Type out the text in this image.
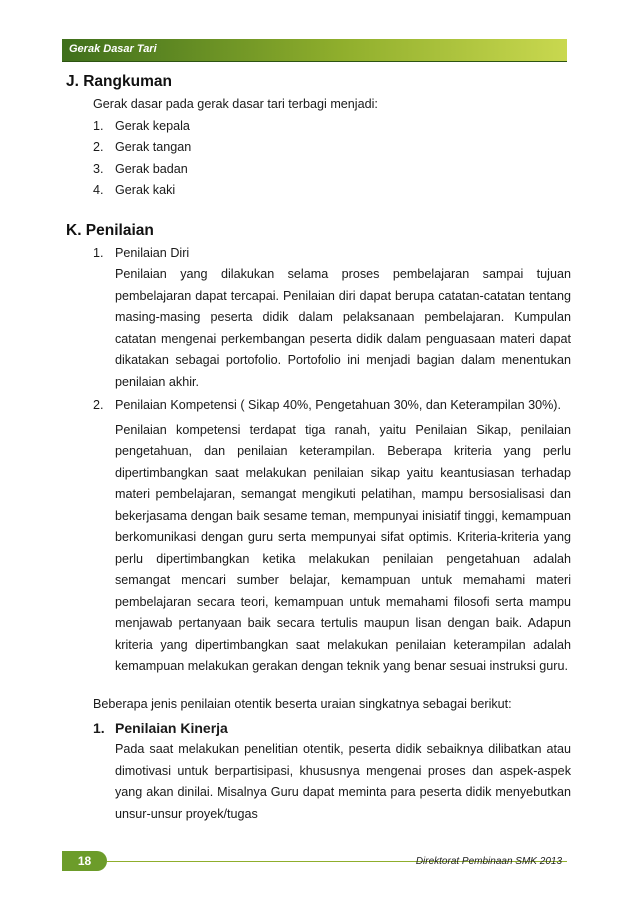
Gerak Dasar Tari
J. Rangkuman
Gerak dasar pada gerak dasar tari terbagi menjadi:
1. Gerak kepala
2. Gerak tangan
3. Gerak badan
4. Gerak kaki
K. Penilaian
1. Penilaian Diri
Penilaian yang dilakukan selama proses pembelajaran sampai tujuan pembelajaran dapat tercapai. Penilaian diri dapat berupa catatan-catatan tentang masing-masing peserta didik dalam pelaksanaan pembelajaran. Kumpulan catatan mengenai perkembangan peserta didik dalam penguasaan materi dapat dikatakan sebagai portofolio. Portofolio ini menjadi bagian dalam menentukan penilaian akhir.
2. Penilaian Kompetensi ( Sikap 40%, Pengetahuan 30%, dan Keterampilan 30%).
Penilaian kompetensi terdapat tiga ranah, yaitu Penilaian Sikap, penilaian pengetahuan, dan penilaian keterampilan. Beberapa kriteria yang perlu dipertimbangkan saat melakukan penilaian sikap yaitu keantusiasan terhadap materi pembelajaran, semangat mengikuti pelatihan, mampu bersosialisasi dan bekerjasama dengan baik sesame teman, mempunyai inisiatif tinggi, kemampuan berkomunikasi dengan guru serta mempunyai sifat optimis. Kriteria-kriteria yang perlu dipertimbangkan ketika melakukan penilaian pengetahuan adalah semangat mencari sumber belajar, kemampuan untuk memahami materi pembelajaran secara teori, kemampuan untuk memahami filosofi serta mampu menjawab pertanyaan baik secara tertulis maupun lisan dengan baik. Adapun kriteria yang dipertimbangkan saat melakukan penilaian keterampilan adalah kemampuan melakukan gerakan dengan teknik yang benar sesuai instruksi guru.
Beberapa jenis penilaian otentik beserta uraian singkatnya sebagai berikut:
1. Penilaian Kinerja
Pada saat melakukan penelitian otentik, peserta didik sebaiknya dilibatkan atau dimotivasi untuk berpartisipasi, khususnya mengenai proses dan aspek-aspek yang akan dinilai. Misalnya Guru dapat meminta para peserta didik menyebutkan unsur-unsur proyek/tugas
18	Direktorat Pembinaan SMK 2013
